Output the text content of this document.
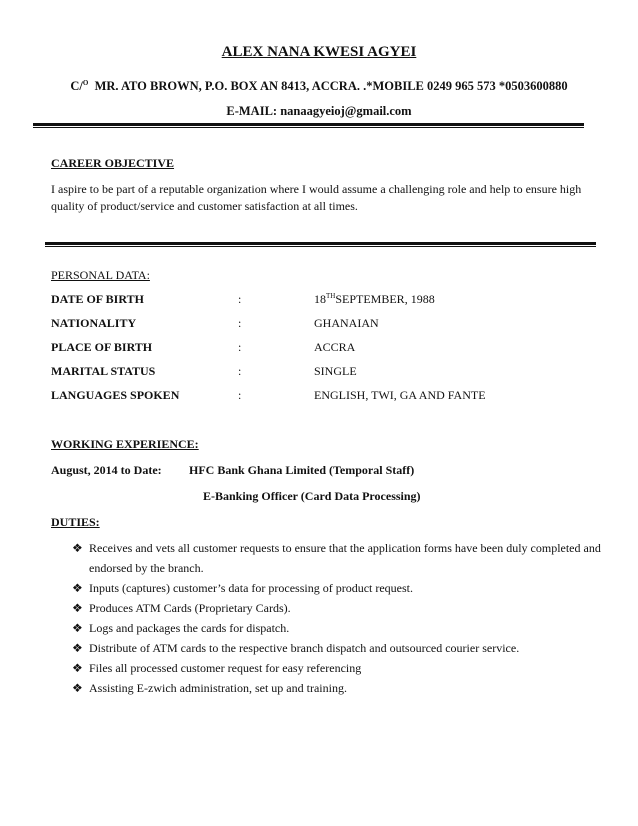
ALEX NANA KWESI AGYEI
C/$^O$ MR. ATO BROWN, P.O. BOX AN 8413, ACCRA. .*MOBILE 0249 965 573 *0503600880
E-MAIL: nanaagyeioj@gmail.com
CAREER OBJECTIVE
I aspire to be part of a reputable organization where I would assume a challenging role and help to ensure high quality of product/service and customer satisfaction at all times.
PERSONAL DATA:
DATE OF BIRTH	:	18THSEPTEMBER, 1988
NATIONALITY	:	GHANAIAN
PLACE OF BIRTH	:	ACCRA
MARITAL STATUS	:	SINGLE
LANGUAGES SPOKEN	:	ENGLISH, TWI, GA AND FANTE
WORKING EXPERIENCE:
August, 2014 to Date: HFC Bank Ghana Limited (Temporal Staff)
E-Banking Officer (Card Data Processing)
DUTIES:
❖ Receives and vets all customer requests to ensure that the application forms have been duly completed and endorsed by the branch.
❖ Inputs (captures) customer’s data for processing of product request.
❖ Produces ATM Cards (Proprietary Cards).
❖ Logs and packages the cards for dispatch.
❖ Distribute of ATM cards to the respective branch dispatch and outsourced courier service.
❖ Files all processed customer request for easy referencing
❖ Assisting E-zwich administration, set up and training.
